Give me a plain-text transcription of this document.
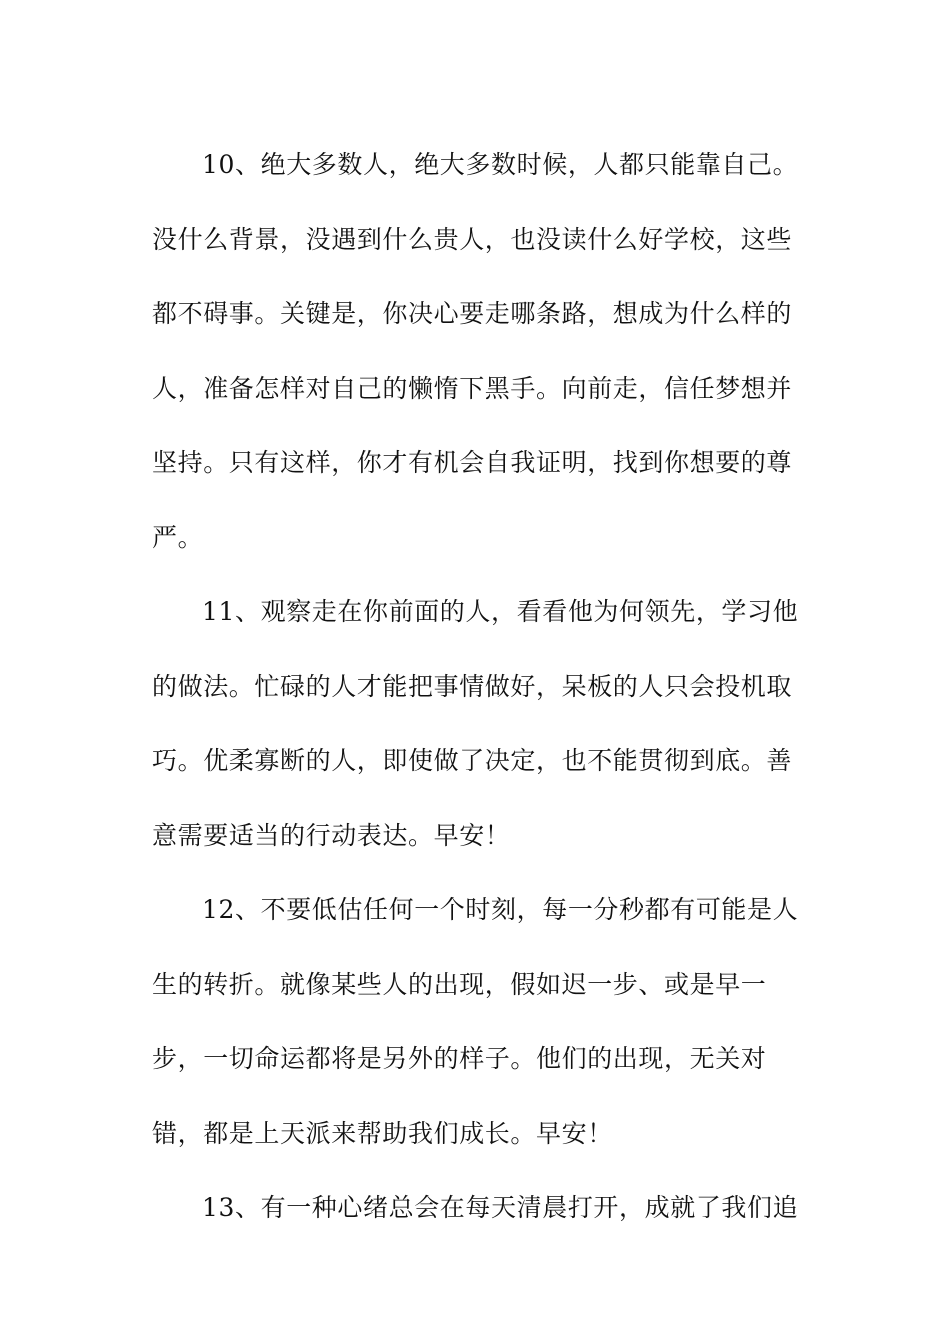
10、绝大多数人，绝大多数时候，人都只能靠自己。
没什么背景，没遇到什么贵人，也没读什么好学校，这些
都不碍事。关键是，你决心要走哪条路，想成为什么样的
人，准备怎样对自己的懒惰下黑手。向前走，信任梦想并
坚持。只有这样，你才有机会自我证明，找到你想要的尊
严。

11、观察走在你前面的人，看看他为何领先，学习他
的做法。忙碌的人才能把事情做好，呆板的人只会投机取
巧。优柔寡断的人，即使做了决定，也不能贯彻到底。善
意需要适当的行动表达。早安！

12、不要低估任何一个时刻，每一分秒都有可能是人
生的转折。就像某些人的出现，假如迟一步、或是早一
步，一切命运都将是另外的样子。他们的出现，无关对
错，都是上天派来帮助我们成长。早安！

13、有一种心绪总会在每天清晨打开，成就了我们追
